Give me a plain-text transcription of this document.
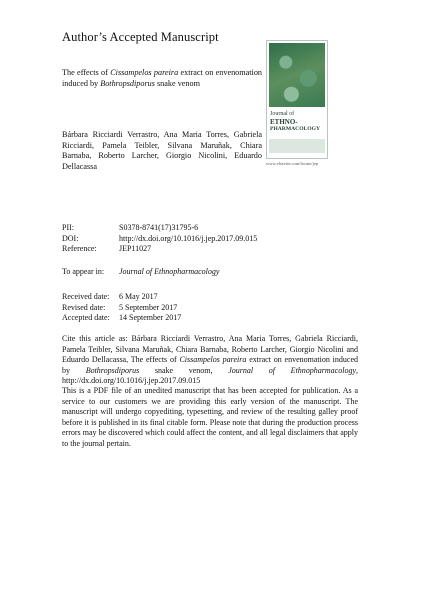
Author’s Accepted Manuscript
The effects of Cissampelos pareira extract on envenomation induced by Bothropsdiporus snake venom
Bárbara Ricciardi Verrastro, Ana Maria Torres, Gabriela Ricciardi, Pamela Teibler, Silvana Maruñak, Chiara Barnaba, Roberto Larcher, Giorgio Nicolini, Eduardo Dellacassa
Journal of
ETHNO-
PHARMACOLOGY
www.elsevier.com/locate/jep
PII:	S0378-8741(17)31795-6
DOI:	http://dx.doi.org/10.1016/j.jep.2017.09.015
Reference:	JEP11027
To appear in: Journal of Ethnopharmacology
Received date:	6 May 2017
Revised date:	5 September 2017
Accepted date:	14 September 2017
Cite this article as: Bárbara Ricciardi Verrastro, Ana Maria Torres, Gabriela Ricciardi, Pamela Teibler, Silvana Maruñak, Chiara Barnaba, Roberto Larcher, Giorgio Nicolini and Eduardo Dellacassa, The effects of Cissampelos pareira extract on envenomation induced by Bothropsdiporus snake venom, Journal of Ethnopharmacology, http://dx.doi.org/10.1016/j.jep.2017.09.015
This is a PDF file of an unedited manuscript that has been accepted for publication. As a service to our customers we are providing this early version of the manuscript. The manuscript will undergo copyediting, typesetting, and review of the resulting galley proof before it is published in its final citable form. Please note that during the production process errors may be discovered which could affect the content, and all legal disclaimers that apply to the journal pertain.
